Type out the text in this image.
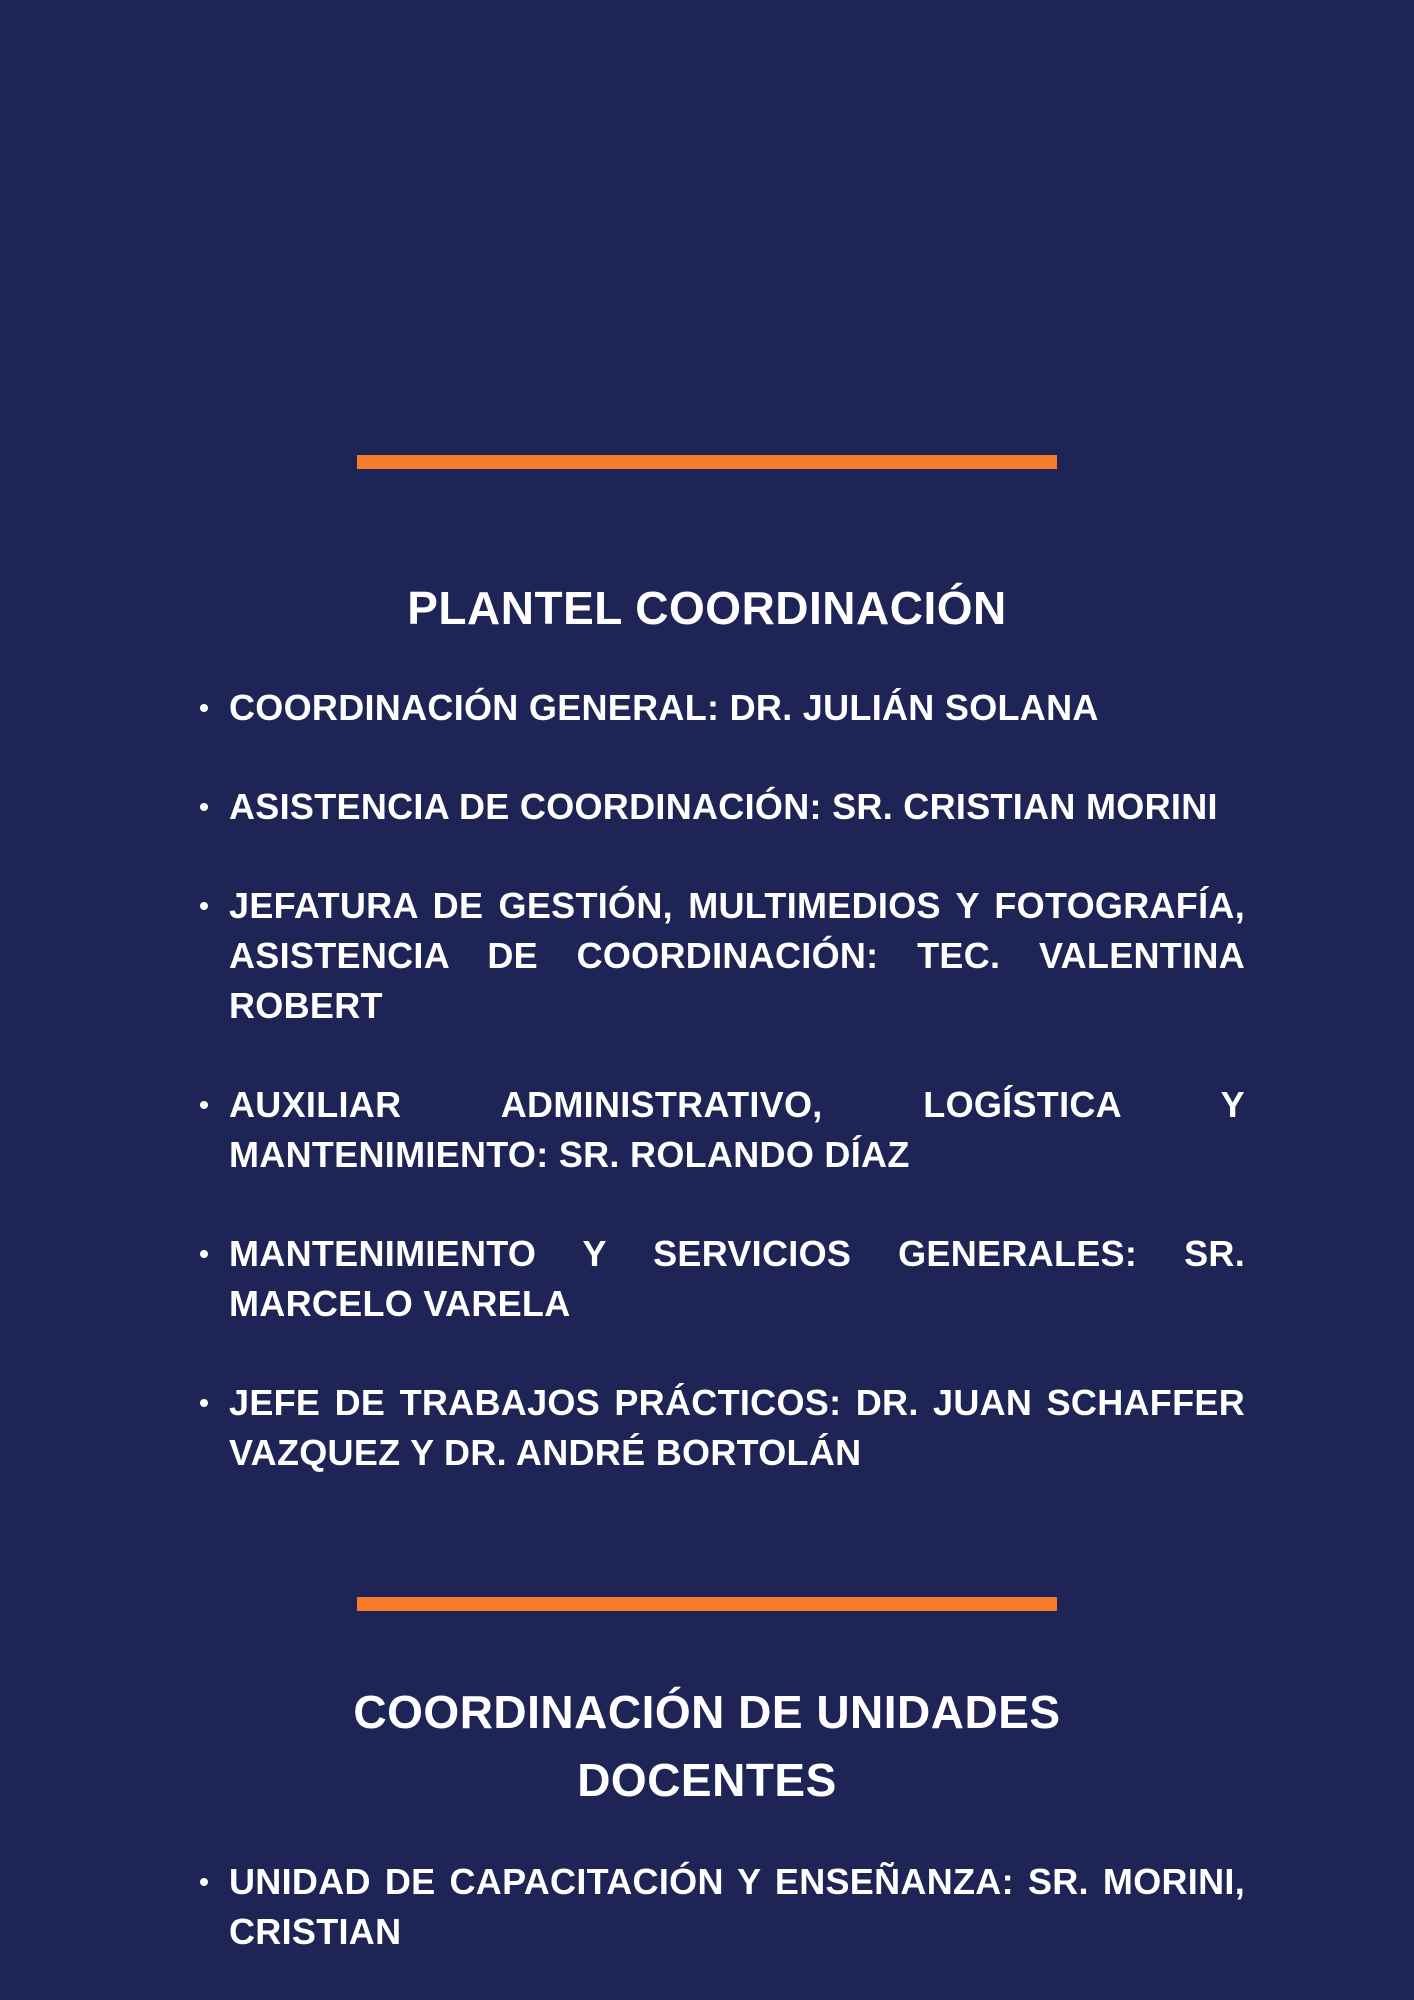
PLANTEL COORDINACIÓN
COORDINACIÓN GENERAL: DR. JULIÁN SOLANA
ASISTENCIA DE COORDINACIÓN: SR. CRISTIAN MORINI
JEFATURA DE GESTIÓN, MULTIMEDIOS Y FOTOGRAFÍA, ASISTENCIA DE COORDINACIÓN: TEC. VALENTINA ROBERT
AUXILIAR ADMINISTRATIVO, LOGÍSTICA Y MANTENIMIENTO: SR. ROLANDO DÍAZ
MANTENIMIENTO Y SERVICIOS GENERALES: SR. MARCELO VARELA
JEFE DE TRABAJOS PRÁCTICOS: DR. JUAN SCHAFFER VAZQUEZ Y DR. ANDRÉ BORTOLÁN
COORDINACIÓN DE UNIDADES DOCENTES
UNIDAD DE CAPACITACIÓN Y ENSEÑANZA: SR. MORINI, CRISTIAN
